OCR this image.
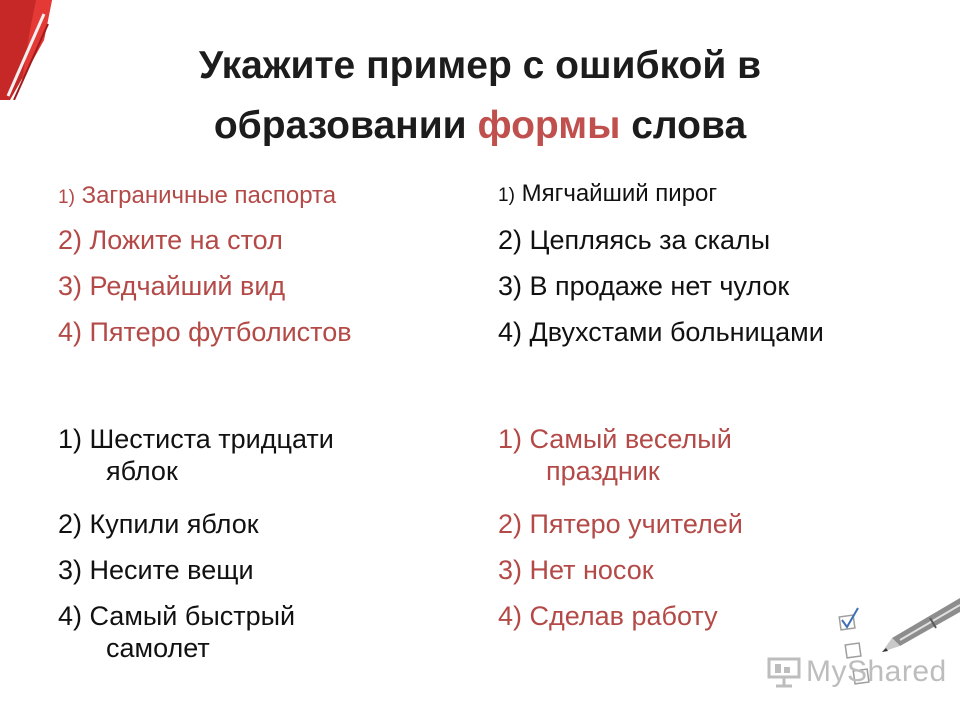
Укажите пример с ошибкой в
образовании формы слова
1) Заграничные паспорта
2) Ложите на стол
3) Редчайший вид
4) Пятеро футболистов
1) Мягчайший пирог
2) Цепляясь за скалы
3) В продаже нет чулок
4) Двухстами больницами
1) Шестиста тридцати
яблок
2) Купили яблок
3) Несите вещи
4) Самый быстрый
самолет
1) Самый веселый
праздник
2) Пятеро учителей
3) Нет носок
4) Сделав работу
MyShared
